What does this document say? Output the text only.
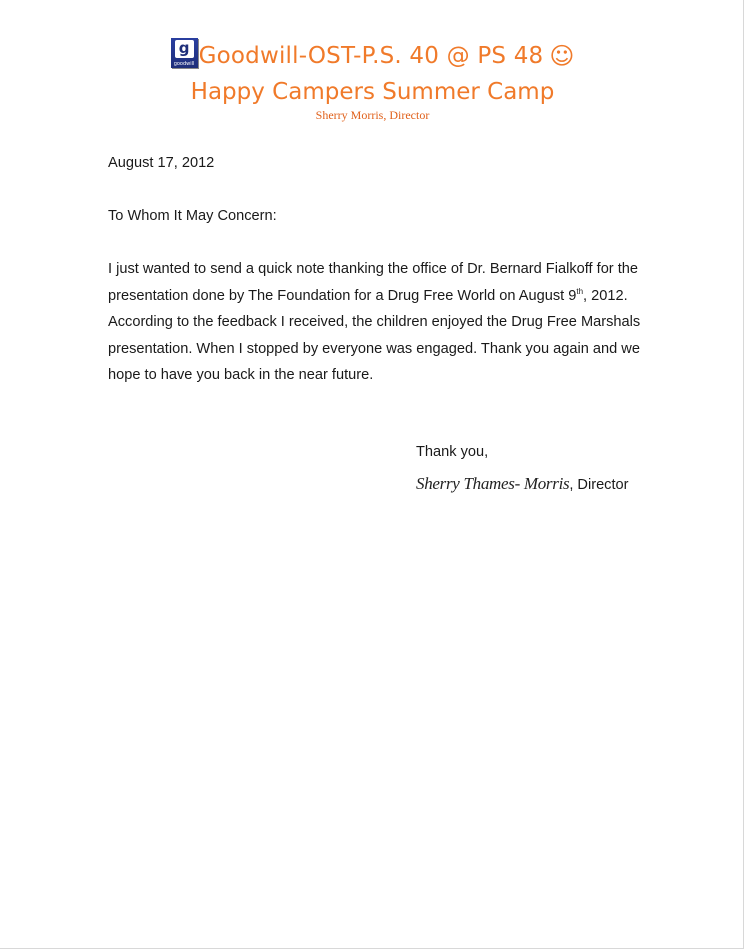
g
goodwill Goodwill-OST-P.S. 40 @ PS 48 ☺
Happy Campers Summer Camp
Sherry Morris, Director
August 17, 2012
To Whom It May Concern:
I just wanted to send a quick note thanking the office of Dr. Bernard Fialkoff for the presentation done by The Foundation for a Drug Free World on August 9th, 2012. According to the feedback I received, the children enjoyed the Drug Free Marshals presentation. When I stopped by everyone was engaged. Thank you again and we hope to have you back in the near future.
Thank you,
Sherry Thames- Morris, Director
